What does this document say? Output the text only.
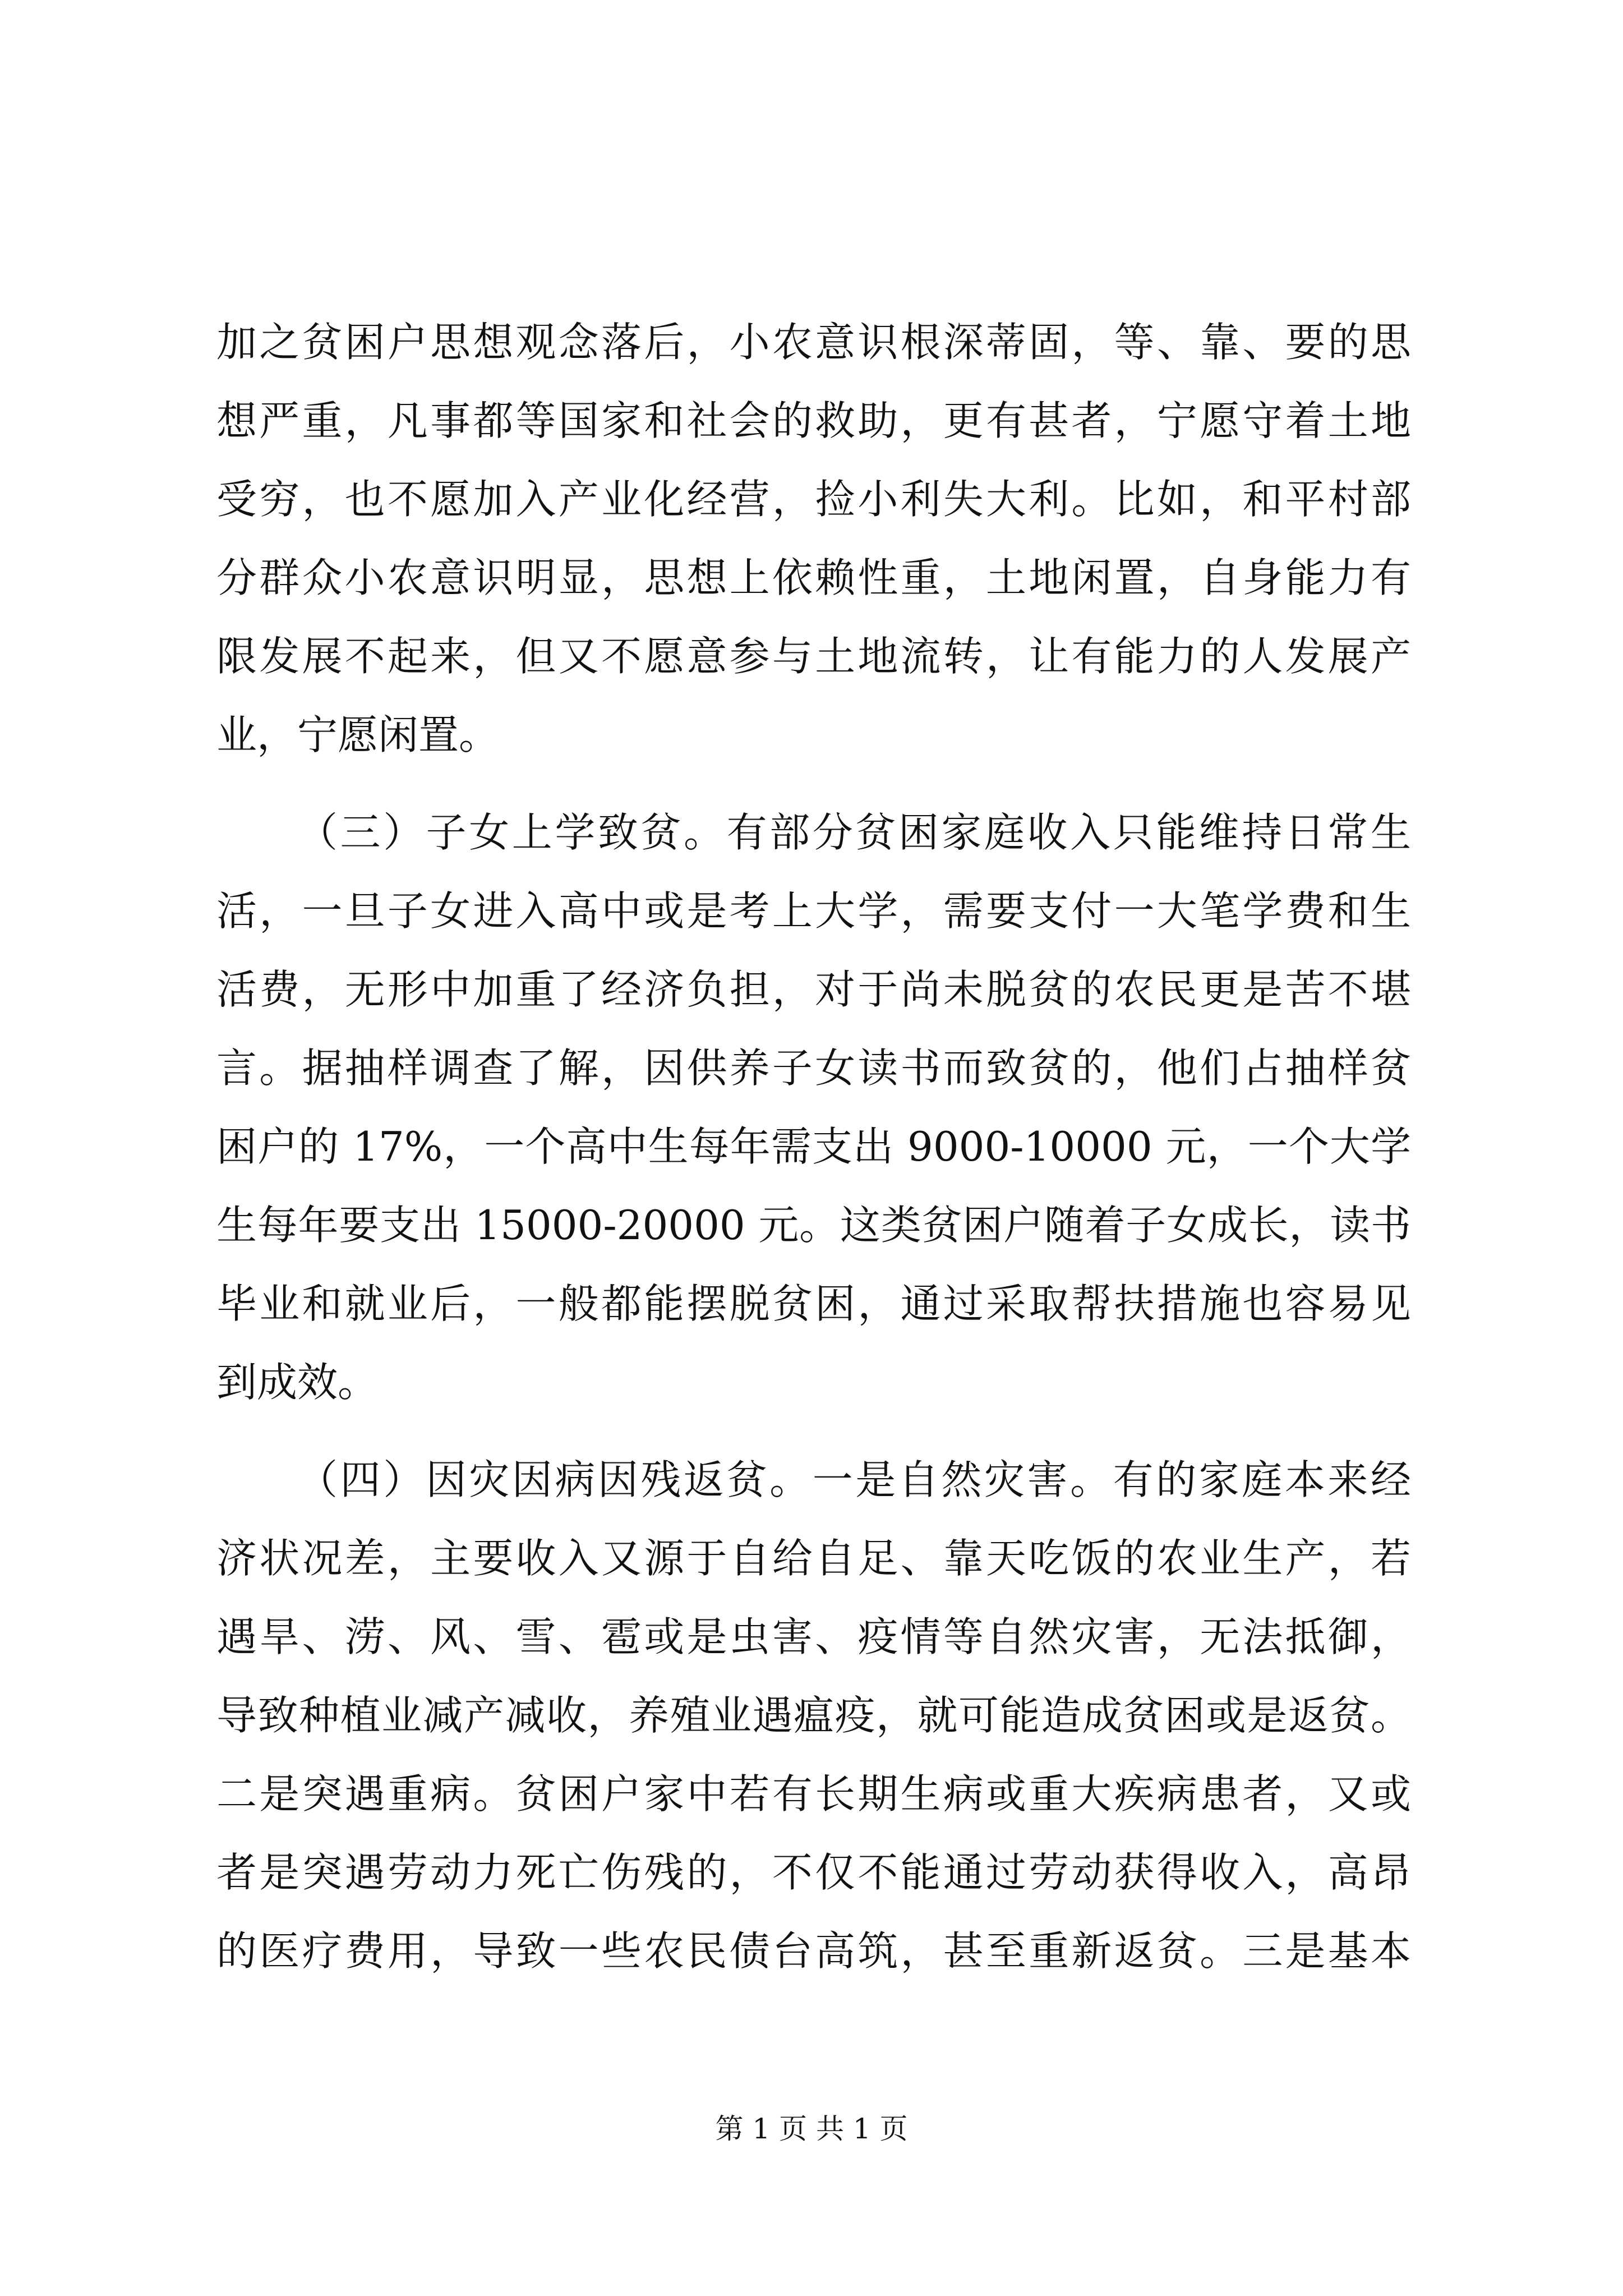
加之贫困户思想观念落后，小农意识根深蒂固，等、靠、要的思
想严重，凡事都等国家和社会的救助，更有甚者，宁愿守着土地
受穷，也不愿加入产业化经营，捡小利失大利。比如，和平村部
分群众小农意识明显，思想上依赖性重，土地闲置，自身能力有
限发展不起来，但又不愿意参与土地流转，让有能力的人发展产
业，宁愿闲置。
（三）子女上学致贫。有部分贫困家庭收入只能维持日常生
活，一旦子女进入高中或是考上大学，需要支付一大笔学费和生
活费，无形中加重了经济负担，对于尚未脱贫的农民更是苦不堪
言。据抽样调查了解，因供养子女读书而致贫的，他们占抽样贫
困户的 17%，一个高中生每年需支出 9000-10000 元，一个大学
生每年要支出 15000-20000 元。这类贫困户随着子女成长，读书
毕业和就业后，一般都能摆脱贫困，通过采取帮扶措施也容易见
到成效。
（四）因灾因病因残返贫。一是自然灾害。有的家庭本来经
济状况差，主要收入又源于自给自足、靠天吃饭的农业生产，若
遇旱、涝、风、雪、雹或是虫害、疫情等自然灾害，无法抵御，
导致种植业减产减收，养殖业遇瘟疫，就可能造成贫困或是返贫。
二是突遇重病。贫困户家中若有长期生病或重大疾病患者，又或
者是突遇劳动力死亡伤残的，不仅不能通过劳动获得收入，高昂
的医疗费用，导致一些农民债台高筑，甚至重新返贫。三是基本
第 1 页 共 1 页
